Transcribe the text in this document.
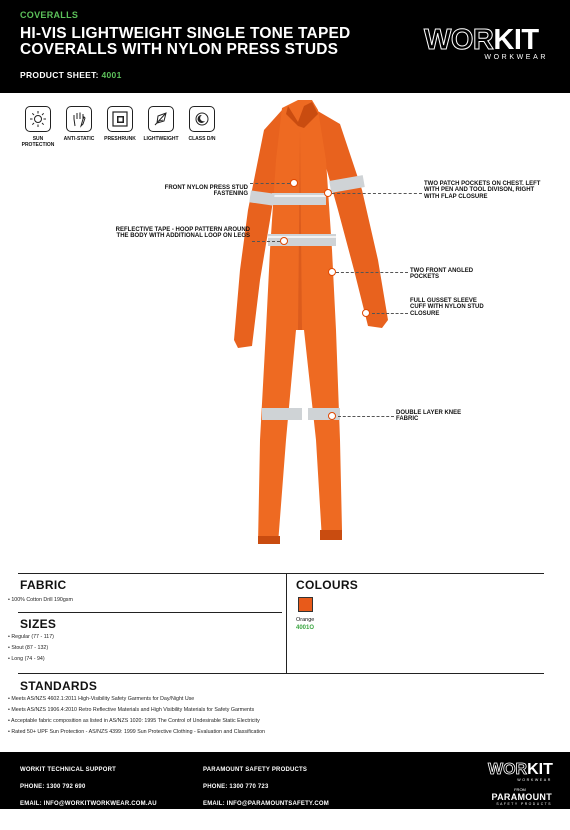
COVERALLS
HI-VIS LIGHTWEIGHT SINGLE TONE TAPED COVERALLS WITH NYLON PRESS STUDS
PRODUCT SHEET: 4001
WORKIT
WORKWEAR
SUN PROTECTION
ANTI-STATIC	PRESHRUNK	LIGHTWEIGHT	CLASS D/N
FRONT NYLON PRESS STUD FASTENING
REFLECTIVE TAPE - HOOP PATTERN AROUND THE BODY WITH ADDITIONAL LOOP ON LEGS
TWO PATCH POCKETS ON CHEST. LEFT WITH PEN AND TOOL DIVISON, RIGHT WITH FLAP CLOSURE
TWO FRONT ANGLED POCKETS
FULL GUSSET SLEEVE CUFF WITH NYLON STUD CLOSURE
DOUBLE LAYER KNEE FABRIC
FABRIC
• 100% Cotton Drill 190gsm
SIZES
• Regular (77 - 117)
• Stout (87 - 132)
• Long (74 - 94)
COLOURS
Orange
4001O
STANDARDS
• Meets AS/NZS 4602.1:2011 High-Visibility Safety Garments for Day/Night Use
• Meets AS/NZS 1906.4:2010 Retro Reflective Materials and High Visibility Materials for Safety Garments
• Acceptable fabric composition as listed in AS/NZS 1020: 1995 The Control of Undesirable Static Electricity
• Rated 50+ UPF Sun Protection - AS/NZS 4399: 1999 Sun Protective Clothing - Evaluation and Classification
WORKIT TECHNICAL SUPPORT
PHONE: 1300 792 690
EMAIL: INFO@WORKITWORKWEAR.COM.AU
WORKITWORKWEAR.COM.AU
PARAMOUNT SAFETY PRODUCTS
PHONE: 1300 770 723
EMAIL: INFO@PARAMOUNTSAFETY.COM
PARAMOUNTSAFETY.COM
WORKIT
WORKWEAR
FROM
PARAMOUNT
SAFETY PRODUCTS
